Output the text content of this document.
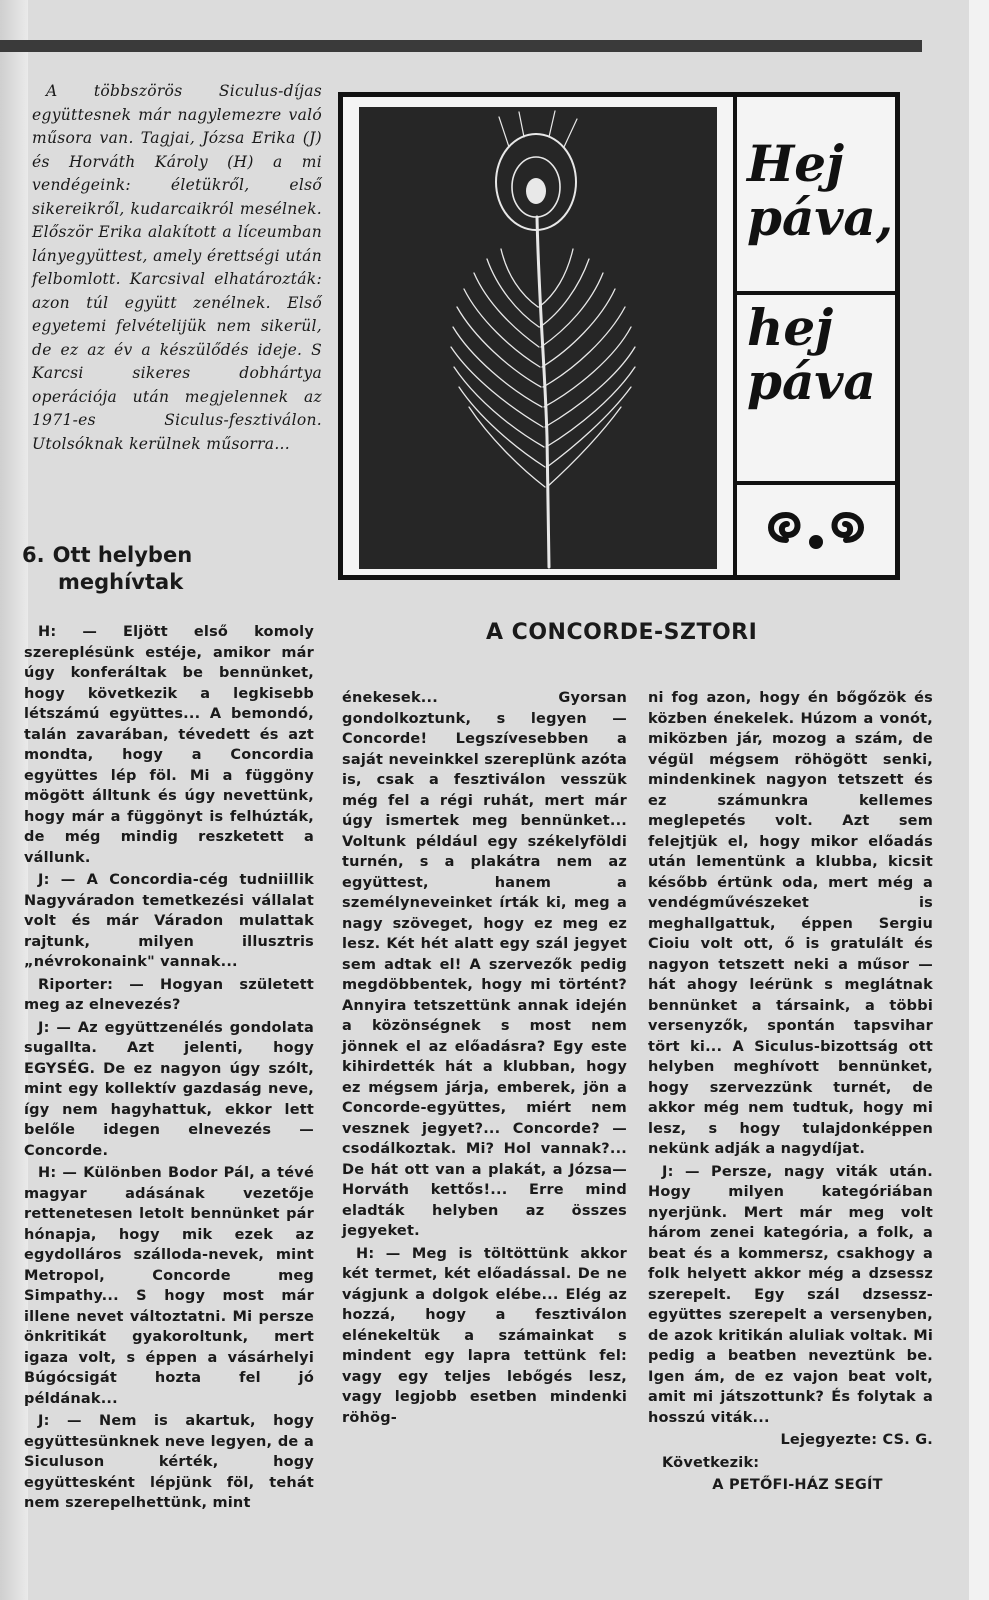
A többszörös Siculus-díjas együttesnek már nagylemezre való műsora van. Tagjai, Józsa Erika (J) és Horváth Károly (H) a mi vendégeink: életükről, első sikereikről, kudarcaikról mesélnek. Először Erika alakított a líceumban lányegyüttest, amely érettségi után felbomlott. Karcsival elhatározták: azon túl együtt zenélnek. Első egyetemi felvételijük nem sikerül, de ez az év a készülődés ideje. S Karcsi sikeres dobhártya operációja után megjelennek az 1971-es Siculus-fesztiválon. Utolsóknak kerülnek műsorra...

Hej
páva,
hej
páva
6. Ott helyben
meghívtak
A CONCORDE-SZTORI

H: — Eljött első komoly szereplésünk estéje, amikor már úgy konferáltak be bennünket, hogy következik a legkisebb létszámú együttes... A bemondó, talán zavarában, tévedett és azt mondta, hogy a Concordia együttes lép föl. Mi a függöny mögött álltunk és úgy nevettünk, hogy már a függönyt is felhúzták, de még mindig reszketett a vállunk.

J: — A Concordia-cég tudniillik Nagyváradon temetkezési vállalat volt és már Váradon mulattak rajtunk, milyen illusztris „névrokonaink" vannak...

Riporter: — Hogyan született meg az elnevezés?

J: — Az együttzenélés gondolata sugallta. Azt jelenti, hogy EGYSÉG. De ez nagyon úgy szólt, mint egy kollektív gazdaság neve, így nem hagyhattuk, ekkor lett belőle idegen elnevezés — Concorde.

H: — Különben Bodor Pál, a tévé magyar adásának vezetője rettenetesen letolt bennünket pár hónapja, hogy mik ezek az egydolláros szálloda-nevek, mint Metropol, Concorde meg Simpathy... S hogy most már illene nevet változtatni. Mi persze önkritikát gyakoroltunk, mert igaza volt, s éppen a vásárhelyi Búgócsigát hozta fel jó példának...

J: — Nem is akartuk, hogy együttesünknek neve legyen, de a Siculuson kérték, hogy együttesként lépjünk föl, tehát nem szerepelhettünk, mint

énekesek... Gyorsan gondolkoztunk, s legyen — Concorde! Legszívesebben a saját neveinkkel szereplünk azóta is, csak a fesztiválon vesszük még fel a régi ruhát, mert már úgy ismertek meg bennünket... Voltunk például egy székelyföldi turnén, s a plakátra nem az együttest, hanem a személyneveinket írták ki, meg a nagy szöveget, hogy ez meg ez lesz. Két hét alatt egy szál jegyet sem adtak el! A szervezők pedig megdöbbentek, hogy mi történt? Annyira tetszettünk annak idején a közönségnek s most nem jönnek el az előadásra? Egy este kihirdették hát a klubban, hogy ez mégsem járja, emberek, jön a Concorde-együttes, miért nem vesznek jegyet?... Concorde? — csodálkoztak. Mi? Hol vannak?... De hát ott van a plakát, a Józsa—Horváth kettős!... Erre mind eladták helyben az összes jegyeket.

H: — Meg is töltöttünk akkor két termet, két előadással. De ne vágjunk a dolgok elébe... Elég az hozzá, hogy a fesztiválon elénekeltük a számainkat s mindent egy lapra tettünk fel: vagy egy teljes lebőgés lesz, vagy legjobb esetben mindenki röhög-

ni fog azon, hogy én bőgőzök és közben énekelek. Húzom a vonót, miközben jár, mozog a szám, de végül mégsem röhögött senki, mindenkinek nagyon tetszett és ez számunkra kellemes meglepetés volt. Azt sem felejtjük el, hogy mikor előadás után lementünk a klubba, kicsit később értünk oda, mert még a vendégművészeket is meghallgattuk, éppen Sergiu Cioiu volt ott, ő is gratulált és nagyon tetszett neki a műsor — hát ahogy leérünk s meglátnak bennünket a társaink, a többi versenyzők, spontán tapsvihar tört ki... A Siculus-bizottság ott helyben meghívott bennünket, hogy szervezzünk turnét, de akkor még nem tudtuk, hogy mi lesz, s hogy tulajdonképpen nekünk adják a nagydíjat.

J: — Persze, nagy viták után. Hogy milyen kategóriában nyerjünk. Mert már meg volt három zenei kategória, a folk, a beat és a kommersz, csakhogy a folk helyett akkor még a dzsessz szerepelt. Egy szál dzsessz-együttes szerepelt a versenyben, de azok kritikán aluliak voltak. Mi pedig a beatben neveztünk be. Igen ám, de ez vajon beat volt, amit mi játszottunk? És folytak a hosszú viták...

Lejegyezte: CS. G.

Következik:

A PETŐFI-HÁZ SEGÍT
